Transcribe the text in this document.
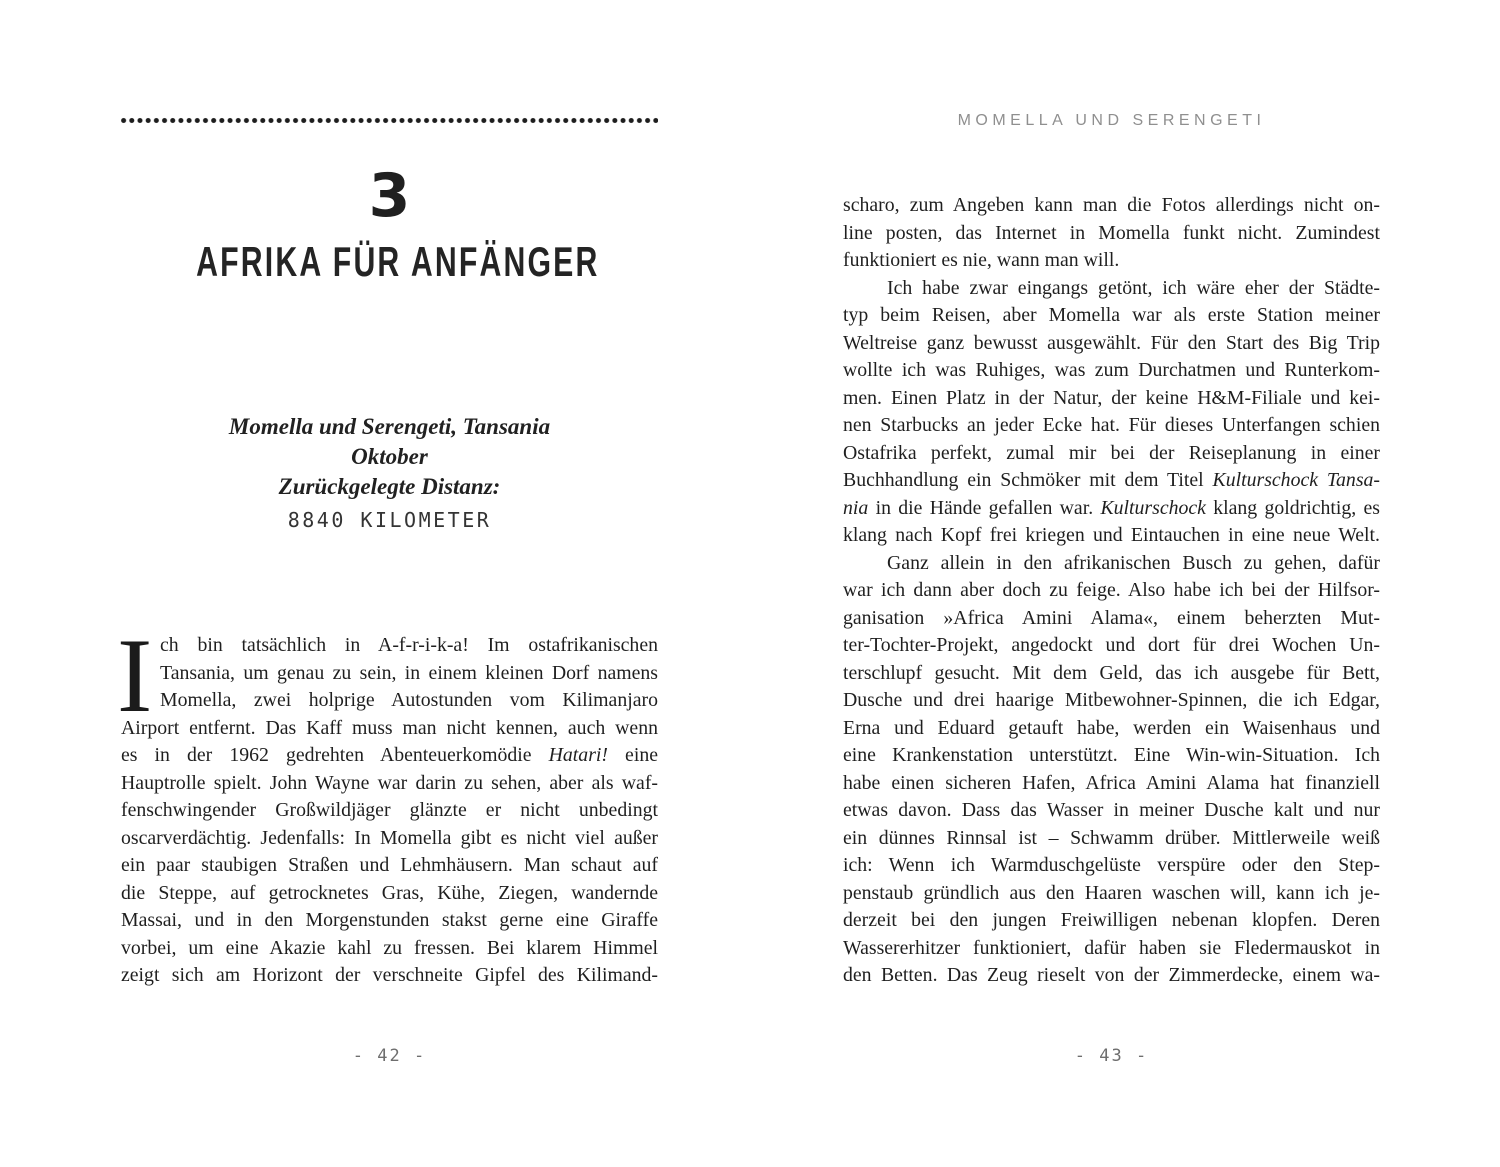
3
AFRIKA FÜR ANFÄNGER
Momella und Serengeti, Tansania
Oktober
Zurückgelegte Distanz:
8840 KILOMETER
I ch bin tatsächlich in A-f-r-i-k-a! Im ostafrikanischen
Tansania, um genau zu sein, in einem kleinen Dorf namens
Momella, zwei holprige Autostunden vom Kilimanjaro
Airport entfernt. Das Kaff muss man nicht kennen, auch wenn
es in der 1962 gedrehten Abenteuerkomödie Hatari! eine
Hauptrolle spielt. John Wayne war darin zu sehen, aber als waf-
fenschwingender Großwildjäger glänzte er nicht unbedingt
oscarverdächtig. Jedenfalls: In Momella gibt es nicht viel außer
ein paar staubigen Straßen und Lehmhäusern. Man schaut auf
die Steppe, auf getrocknetes Gras, Kühe, Ziegen, wandernde
Massai, und in den Morgenstunden stakst gerne eine Giraffe
vorbei, um eine Akazie kahl zu fressen. Bei klarem Himmel
zeigt sich am Horizont der verschneite Gipfel des Kilimand-
- 42 -
MOMELLA UND SERENGETI
scharo, zum Angeben kann man die Fotos allerdings nicht on-
line posten, das Internet in Momella funkt nicht. Zumindest
funktioniert es nie, wann man will.
Ich habe zwar eingangs getönt, ich wäre eher der Städte-
typ beim Reisen, aber Momella war als erste Station meiner
Weltreise ganz bewusst ausgewählt. Für den Start des Big Trip
wollte ich was Ruhiges, was zum Durchatmen und Runterkom-
men. Einen Platz in der Natur, der keine H&M-Filiale und kei-
nen Starbucks an jeder Ecke hat. Für dieses Unterfangen schien
Ostafrika perfekt, zumal mir bei der Reiseplanung in einer
Buchhandlung ein Schmöker mit dem Titel Kulturschock Tansa-
nia in die Hände gefallen war. Kulturschock klang goldrichtig, es
klang nach Kopf frei kriegen und Eintauchen in eine neue Welt.
Ganz allein in den afrikanischen Busch zu gehen, dafür
war ich dann aber doch zu feige. Also habe ich bei der Hilfsor-
ganisation »Africa Amini Alama«, einem beherzten Mut-
ter-Tochter-Projekt, angedockt und dort für drei Wochen Un-
terschlupf gesucht. Mit dem Geld, das ich ausgebe für Bett,
Dusche und drei haarige Mitbewohner-Spinnen, die ich Edgar,
Erna und Eduard getauft habe, werden ein Waisenhaus und
eine Krankenstation unterstützt. Eine Win-win-Situation. Ich
habe einen sicheren Hafen, Africa Amini Alama hat finanziell
etwas davon. Dass das Wasser in meiner Dusche kalt und nur
ein dünnes Rinnsal ist – Schwamm drüber. Mittlerweile weiß
ich: Wenn ich Warmduschgelüste verspüre oder den Step-
penstaub gründlich aus den Haaren waschen will, kann ich je-
derzeit bei den jungen Freiwilligen nebenan klopfen. Deren
Wassererhitzer funktioniert, dafür haben sie Fledermauskot in
den Betten. Das Zeug rieselt von der Zimmerdecke, einem wa-
- 43 -
